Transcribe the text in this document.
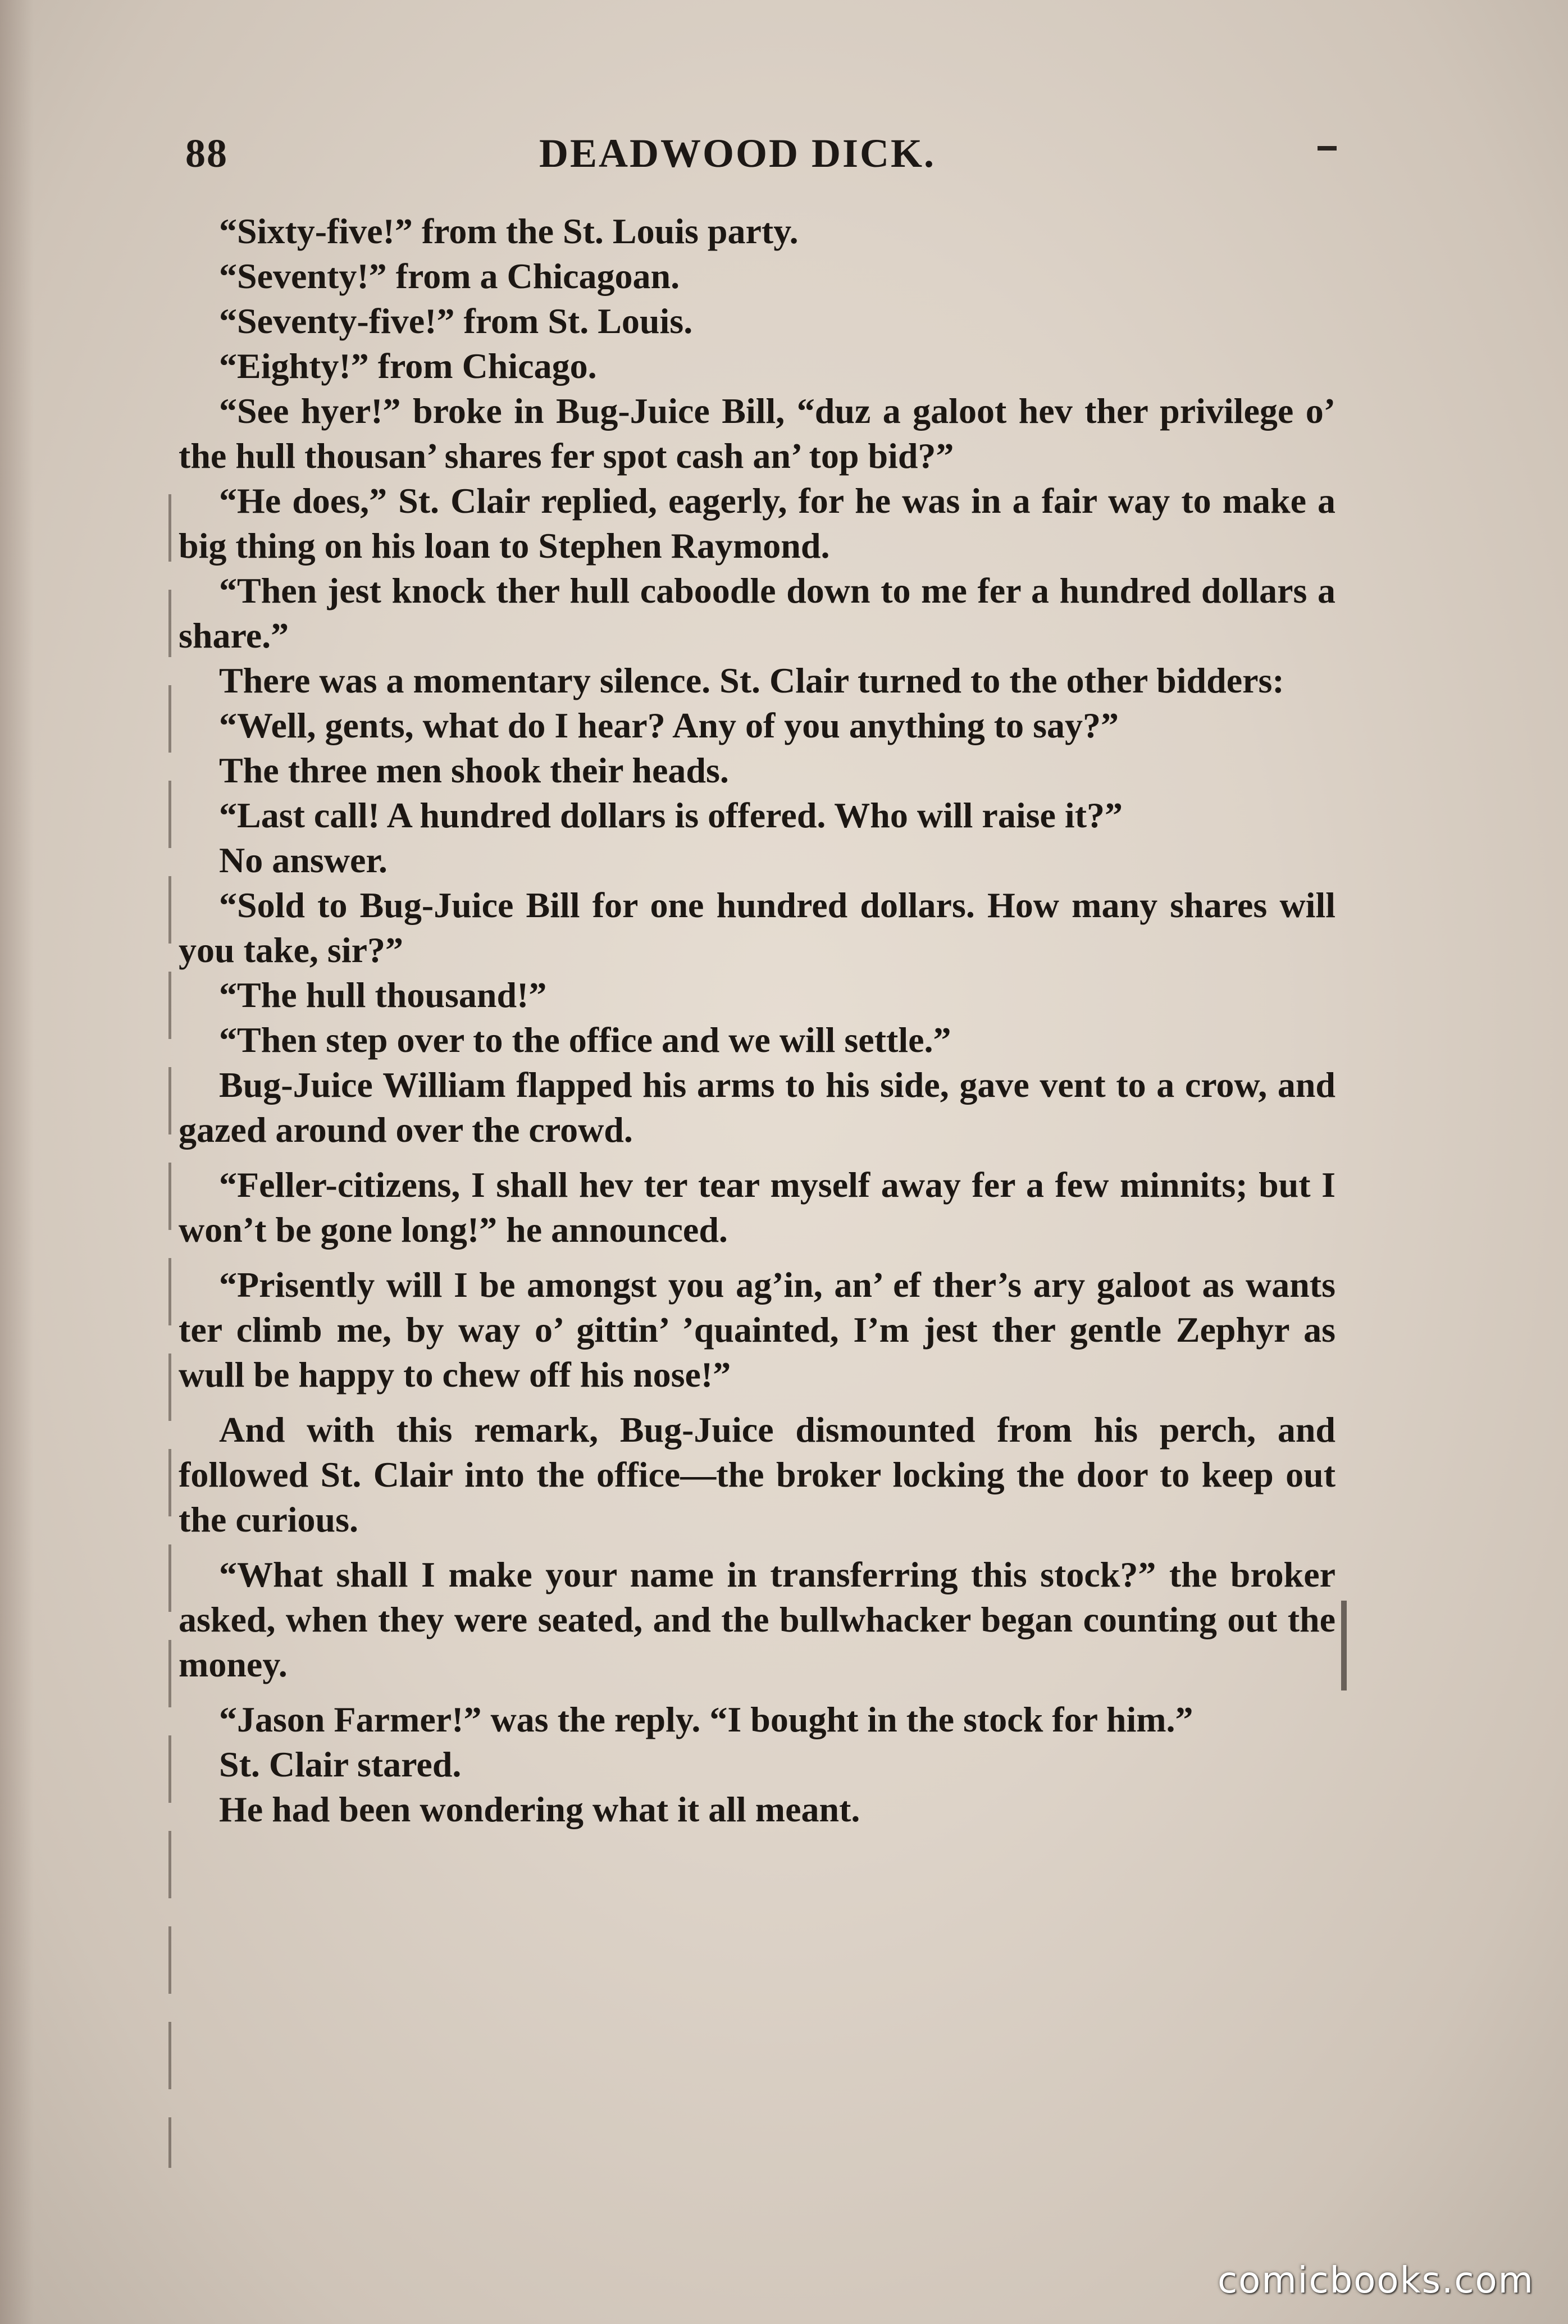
88	DEADWOOD DICK.

“Sixty-five!” from the St. Louis party.

“Seventy!” from a Chicagoan.

“Seventy-five!” from St. Louis.

“Eighty!” from Chicago.

“See hyer!” broke in Bug-Juice Bill, “duz a galoot hev ther privilege o’ the hull thousan’ shares fer spot cash an’ top bid?”

“He does,” St. Clair replied, eagerly, for he was in a fair way to make a big thing on his loan to Stephen Raymond.

“Then jest knock ther hull caboodle down to me fer a hundred dollars a share.”

There was a momentary silence. St. Clair turned to the other bidders:

“Well, gents, what do I hear? Any of you anything to say?”

The three men shook their heads.

“Last call! A hundred dollars is offered. Who will raise it?”

No answer.

“Sold to Bug-Juice Bill for one hundred dollars. How many shares will you take, sir?”

“The hull thousand!”

“Then step over to the office and we will settle.”

Bug-Juice William flapped his arms to his side, gave vent to a crow, and gazed around over the crowd.

“Feller-citizens, I shall hev ter tear myself away fer a few minnits; but I won’t be gone long!” he announced.

“Prisently will I be amongst you ag’in, an’ ef ther’s ary galoot as wants ter climb me, by way o’ gittin’ ’quainted, I’m jest ther gentle Zephyr as wull be happy to chew off his nose!”

And with this remark, Bug-Juice dismounted from his perch, and followed St. Clair into the office—the broker locking the door to keep out the curious.

“What shall I make your name in transferring this stock?” the broker asked, when they were seated, and the bullwhacker began counting out the money.

“Jason Farmer!” was the reply. “I bought in the stock for him.”

St. Clair stared.

He had been wondering what it all meant.

comicbooks.com
